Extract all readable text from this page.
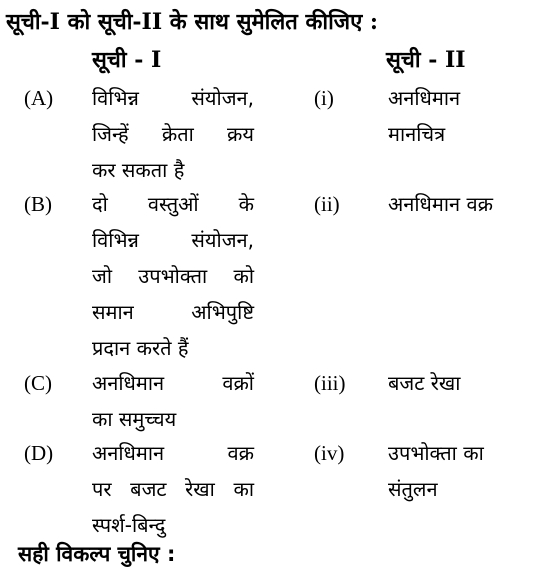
सूची-I को सूची-II के साथ सुमेलित कीजिए :
सूची - I	सूची - II
(A) विभिन्न संयोजन,
जिन्हें क्रेता क्रय
कर सकता है
(i)	अनधिमान
मानचित्र
(B) दो वस्तुओं के
विभिन्न संयोजन,
जो उपभोक्ता को
समान अभिपुष्टि
प्रदान करते हैं
(ii) अनधिमान वक्र
(C) अनधिमान वक्रों
का समुच्चय
(iii) बजट रेखा
(D) अनधिमान वक्र
पर बजट रेखा का
स्पर्श-बिन्दु
(iv) उपभोक्ता का
संतुलन
सही विकल्प चुनिए :
